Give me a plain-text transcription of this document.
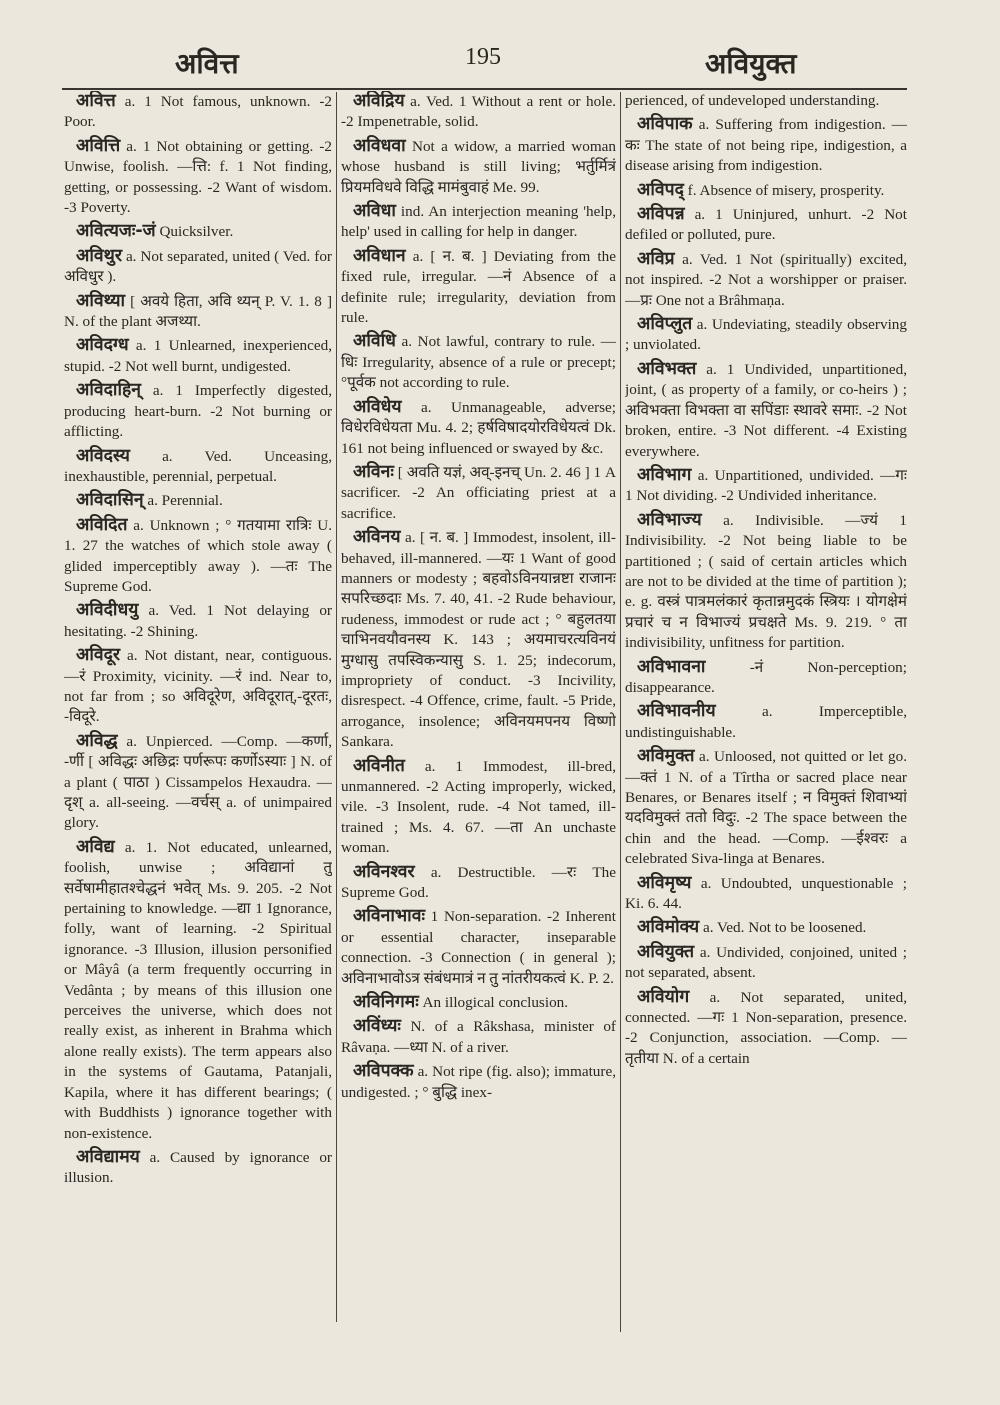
अवित्त	195	अवियुक्त

अवित्त a. 1 Not famous, unknown. -2 Poor.

अवित्ति a. 1 Not obtaining or getting. -2 Unwise, foolish. —त्ति: f. 1 Not finding, getting, or possessing. -2 Want of wisdom. -3 Poverty.

अवित्यजः-जं Quicksilver.

अविथुर a. Not separated, united ( Ved. for अविधुर ).

अविथ्या [ अवये हिता, अवि थ्यन् P. V. 1. 8 ] N. of the plant अजथ्या.

अविदग्ध a. 1 Unlearned, inexperienced, stupid. -2 Not well burnt, undigested.

अविदाहिन् a. 1 Imperfectly digested, producing heart-burn. -2 Not burning or afflicting.

अविदस्य a. Ved. Unceasing, inexhaustible, perennial, perpetual.

अविदासिन् a. Perennial.

अविदित a. Unknown ; ° गतयामा रात्रिः U. 1. 27 the watches of which stole away ( glided imperceptibly away ). —तः The Supreme God.

अविदीधयु a. Ved. 1 Not delaying or hesitating. -2 Shining.

अविदूर a. Not distant, near, contiguous. —रं Proximity, vicinity. —रं ind. Near to, not far from ; so अविदूरेण, अविदूरात्,-दूरतः, -विदूरे.

अविद्ध a. Unpierced. —Comp. —कर्णा, -र्णी [ अविद्धः अछिद्रः पर्णरूपः कर्णोऽस्याः ] N. of a plant ( पाठा ) Cissampelos Hexaudra. —दृश् a. all-seeing. —वर्चस् a. of unimpaired glory.

अविद्य a. 1. Not educated, unlearned, foolish, unwise ; अविद्यानां तु सर्वेषामीहातश्चेद्धनं भवेत् Ms. 9. 205. -2 Not pertaining to knowledge. —द्या 1 Ignorance, folly, want of learning. -2 Spiritual ignorance. -3 Illusion, illusion personified or Mâyâ (a term frequently occurring in Vedânta ; by means of this illusion one perceives the universe, which does not really exist, as inherent in Brahma which alone really exists). The term appears also in the systems of Gautama, Patanjali, Kapila, where it has different bearings; ( with Buddhists ) ignorance together with non-existence.

अविद्यामय a. Caused by ignorance or illusion.

अविद्रिय a. Ved. 1 Without a rent or hole. -2 Impenetrable, solid.

अविधवा Not a widow, a married woman whose husband is still living; भर्तुर्मित्रं प्रियमविधवे विद्धि मामंबुवाहं Me. 99.

अविधा ind. An interjection meaning 'help, help' used in calling for help in danger.

अविधान a. [ न. ब. ] Deviating from the fixed rule, irregular. —नं Absence of a definite rule; irregularity, deviation from rule.

अविधि a. Not lawful, contrary to rule. —धिः Irregularity, absence of a rule or precept; °पूर्वक not according to rule.

अविधेय a. Unmanageable, adverse; विधेरविधेयता Mu. 4. 2; हर्षविषादयोरविधेयत्वं Dk. 161 not being influenced or swayed by &c.

अविनः [ अवति यज्ञं, अव्-इनच् Un. 2. 46 ] 1 A sacrificer. -2 An officiating priest at a sacrifice.

अविनय a. [ न. ब. ] Immodest, insolent, ill-behaved, ill-mannered. —यः 1 Want of good manners or modesty ; बहवोऽविनयान्नष्टा राजानः सपरिच्छदाः Ms. 7. 40, 41. -2 Rude behaviour, rudeness, immodest or rude act ; ° बहुलतया चाभिनवयौवनस्य K. 143 ; अयमाचरत्यविनयं मुग्धासु तपस्विकन्यासु S. 1. 25; indecorum, impropriety of conduct. -3 Incivility, disrespect. -4 Offence, crime, fault. -5 Pride, arrogance, insolence; अविनयमपनय विष्णो Sankara.

अविनीत a. 1 Immodest, ill-bred, unmannered. -2 Acting improperly, wicked, vile. -3 Insolent, rude. -4 Not tamed, ill-trained ; Ms. 4. 67. —ता An unchaste woman.

अविनश्वर a. Destructible. —रः The Supreme God.

अविनाभावः 1 Non-separation. -2 Inherent or essential character, inseparable connection. -3 Connection ( in general ); अविनाभावोऽत्र संबंधमात्रं न तु नांतरीयकत्वं K. P. 2.

अविनिगमः An illogical conclusion.

अविंध्यः N. of a Râkshasa, minister of Râvaṇa. —ध्या N. of a river.

अविपक्क a. Not ripe (fig. also); immature, undigested. ; ° बुद्धि inex-

perienced, of undeveloped understanding.

अविपाक a. Suffering from indigestion. —कः The state of not being ripe, indigestion, a disease arising from indigestion.

अविपद् f. Absence of misery, prosperity.

अविपन्न a. 1 Uninjured, unhurt. -2 Not defiled or polluted, pure.

अविप्र a. Ved. 1 Not (spiritually) excited, not inspired. -2 Not a worshipper or praiser. —प्रः One not a Brâhmaṇa.

अविप्लुत a. Undeviating, steadily observing ; unviolated.

अविभक्त a. 1 Undivided, unpartitioned, joint, ( as property of a family, or co-heirs ) ; अविभक्ता विभक्ता वा सपिंडाः स्थावरे समाः. -2 Not broken, entire. -3 Not different. -4 Existing everywhere.

अविभाग a. Unpartitioned, undivided. —गः 1 Not dividing. -2 Undivided inheritance.

अविभाज्य a. Indivisible. —ज्यं 1 Indivisibility. -2 Not being liable to be partitioned ; ( said of certain articles which are not to be divided at the time of partition ); e. g. वस्त्रं पात्रमलंकारं कृतान्नमुदकं स्त्रियः । योगक्षेमं प्रचारं च न विभाज्यं प्रचक्षते Ms. 9. 219. ° ता indivisibility, unfitness for partition.

अविभावना -नं Non-perception; disappearance.

अविभावनीय a. Imperceptible, undistinguishable.

अविमुक्त a. Unloosed, not quitted or let go. —क्तं 1 N. of a Tîrtha or sacred place near Benares, or Benares itself ; न विमुक्तं शिवाभ्यां यदविमुक्तं ततो विदुः. -2 The space between the chin and the head. —Comp. —ईश्वरः a celebrated Siva-linga at Benares.

अविमृष्य a. Undoubted, unquestionable ; Ki. 6. 44.

अविमोक्य a. Ved. Not to be loosened.

अवियुक्त a. Undivided, conjoined, united ; not separated, absent.

अवियोग a. Not separated, united, connected. —गः 1 Non-separation, presence. -2 Conjunction, association. —Comp. —तृतीया N. of a certain
